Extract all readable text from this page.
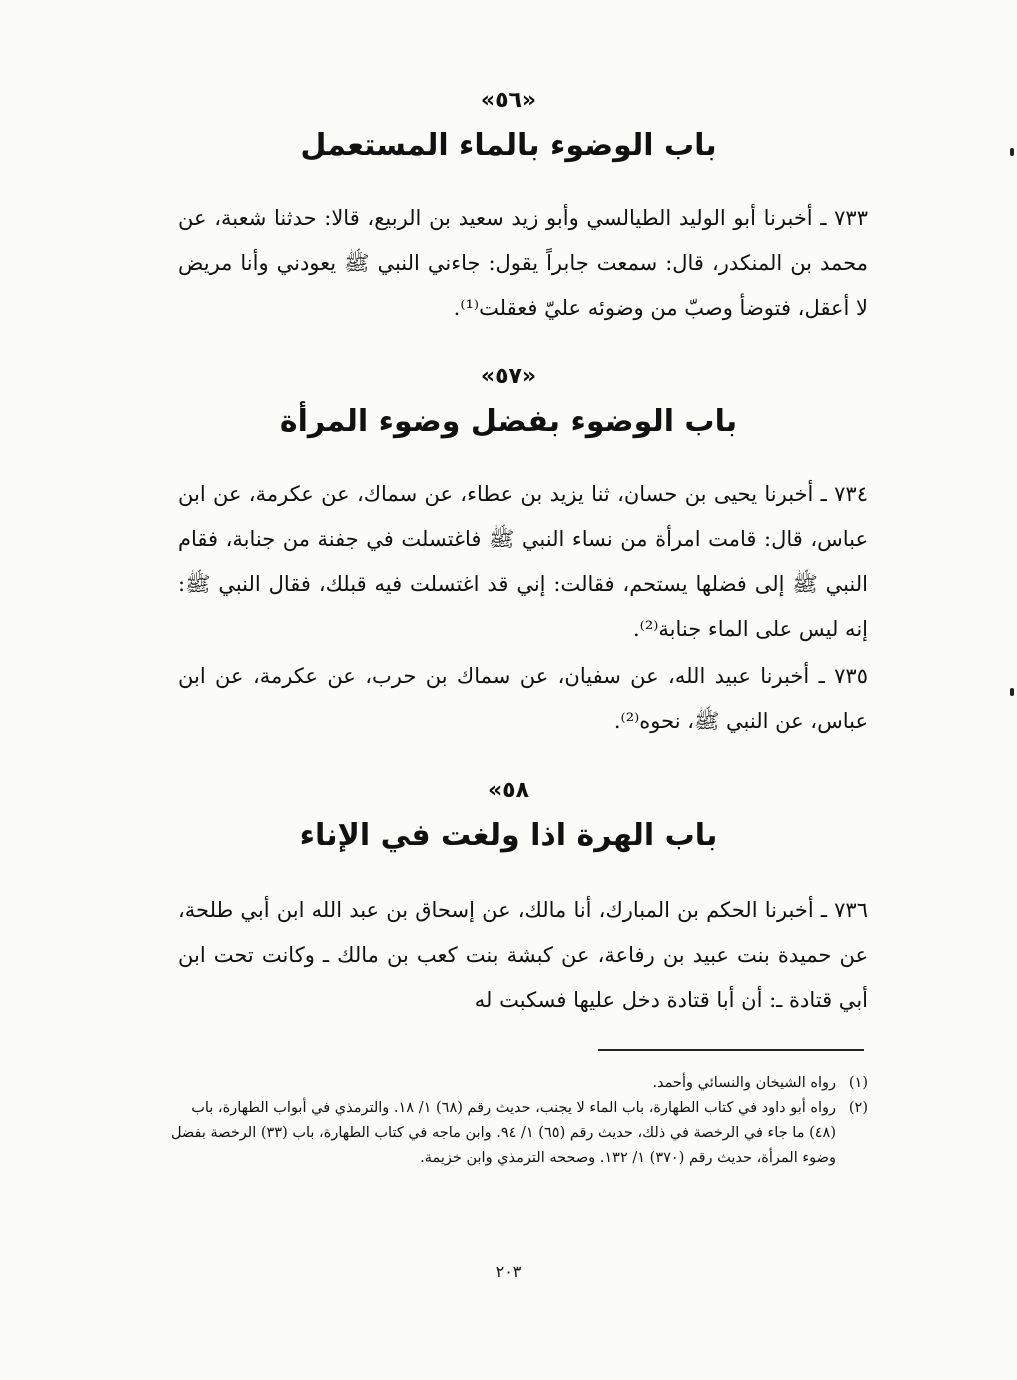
«٥٦»
باب الوضوء بالماء المستعمل

٧٣٣ ـ أخبرنا أبو الوليد الطيالسي وأبو زيد سعيد بن الربيع، قالا: حدثنا شعبة، عن محمد بن المنكدر، قال: سمعت جابراً يقول: جاءني النبي ﷺ يعودني وأنا مريض لا أعقل، فتوضأ وصبّ من وضوئه عليّ فعقلت⁽¹⁾.

«٥٧»
باب الوضوء بفضل وضوء المرأة

٧٣٤ ـ أخبرنا يحيى بن حسان، ثنا يزيد بن عطاء، عن سماك، عن عكرمة، عن ابن عباس، قال: قامت امرأة من نساء النبي ﷺ فاغتسلت في جفنة من جنابة، فقام النبي ﷺ إلى فضلها يستحم، فقالت: إني قد اغتسلت فيه قبلك، فقال النبي ﷺ: إنه ليس على الماء جنابة⁽²⁾.

٧٣٥ ـ أخبرنا عبيد الله، عن سفيان، عن سماك بن حرب، عن عكرمة، عن ابن عباس، عن النبي ﷺ، نحوه⁽²⁾.

٥٨»
باب الهرة اذا ولغت في الإناء

٧٣٦ ـ أخبرنا الحكم بن المبارك، أنا مالك، عن إسحاق بن عبد الله ابن أبي طلحة، عن حميدة بنت عبيد بن رفاعة، عن كبشة بنت كعب بن مالك ـ وكانت تحت ابن أبي قتادة ـ: أن أبا قتادة دخل عليها فسكبت له

(١)
رواه الشيخان والنسائي وأحمد.
(٢)
رواه أبو داود في كتاب الطهارة، باب الماء لا يجنب، حديث رقم (٦٨) ١/ ١٨. والترمذي في أبواب الطهارة، باب (٤٨) ما جاء في الرخصة في ذلك، حديث رقم (٦٥) ١/ ٩٤. وابن ماجه في كتاب الطهارة، باب (٣٣) الرخصة بفضل وضوء المرأة، حديث رقم (٣٧٠) ١/ ١٣٢. وصححه الترمذي وابن خزيمة.
٢٠٣
